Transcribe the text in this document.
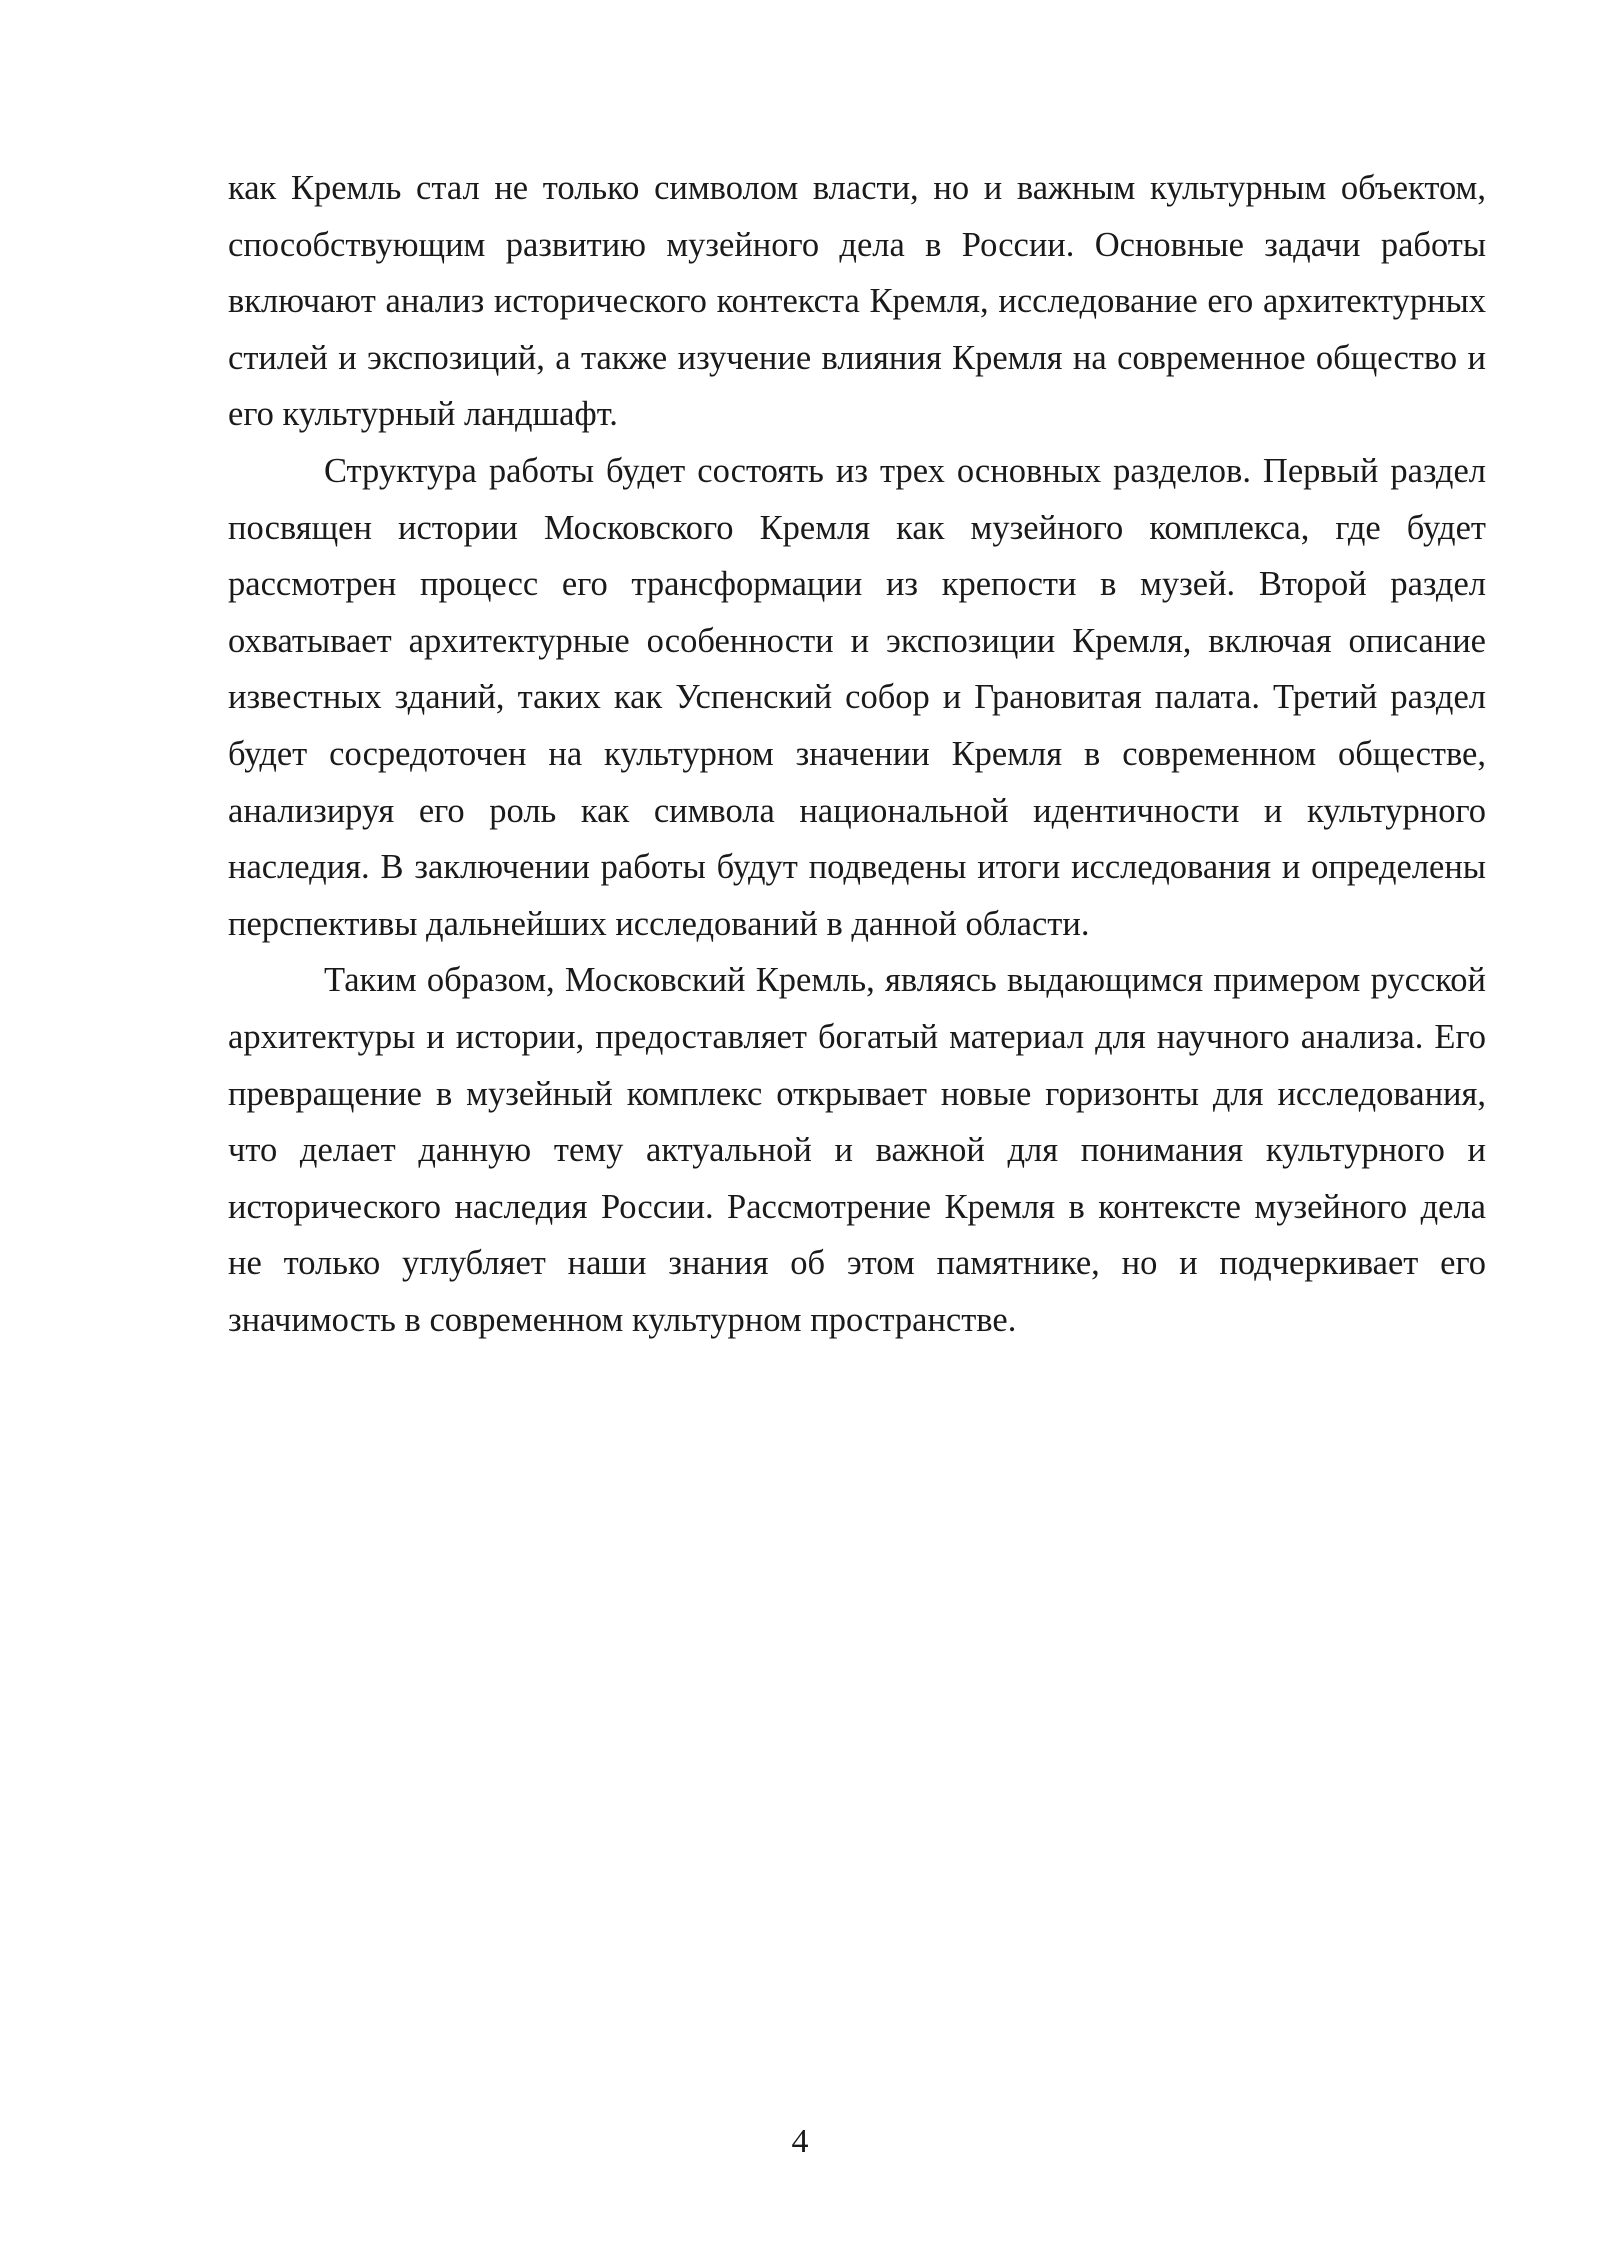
как Кремль стал не только символом власти, но и важным культурным объектом, способствующим развитию музейного дела в России. Основные задачи работы включают анализ исторического контекста Кремля, исследование его архитектурных стилей и экспозиций, а также изучение влияния Кремля на современное общество и его культурный ландшафт.

Структура работы будет состоять из трех основных разделов. Первый раздел посвящен истории Московского Кремля как музейного комплекса, где будет рассмотрен процесс его трансформации из крепости в музей. Второй раздел охватывает архитектурные особенности и экспозиции Кремля, включая описание известных зданий, таких как Успенский собор и Грановитая палата. Третий раздел будет сосредоточен на культурном значении Кремля в современном обществе, анализируя его роль как символа национальной идентичности и культурного наследия. В заключении работы будут подведены итоги исследования и определены перспективы дальнейших исследований в данной области.

Таким образом, Московский Кремль, являясь выдающимся примером русской архитектуры и истории, предоставляет богатый материал для научного анализа. Его превращение в музейный комплекс открывает новые горизонты для исследования, что делает данную тему актуальной и важной для понимания культурного и исторического наследия России. Рассмотрение Кремля в контексте музейного дела не только углубляет наши знания об этом памятнике, но и подчеркивает его значимость в современном культурном пространстве.

4
